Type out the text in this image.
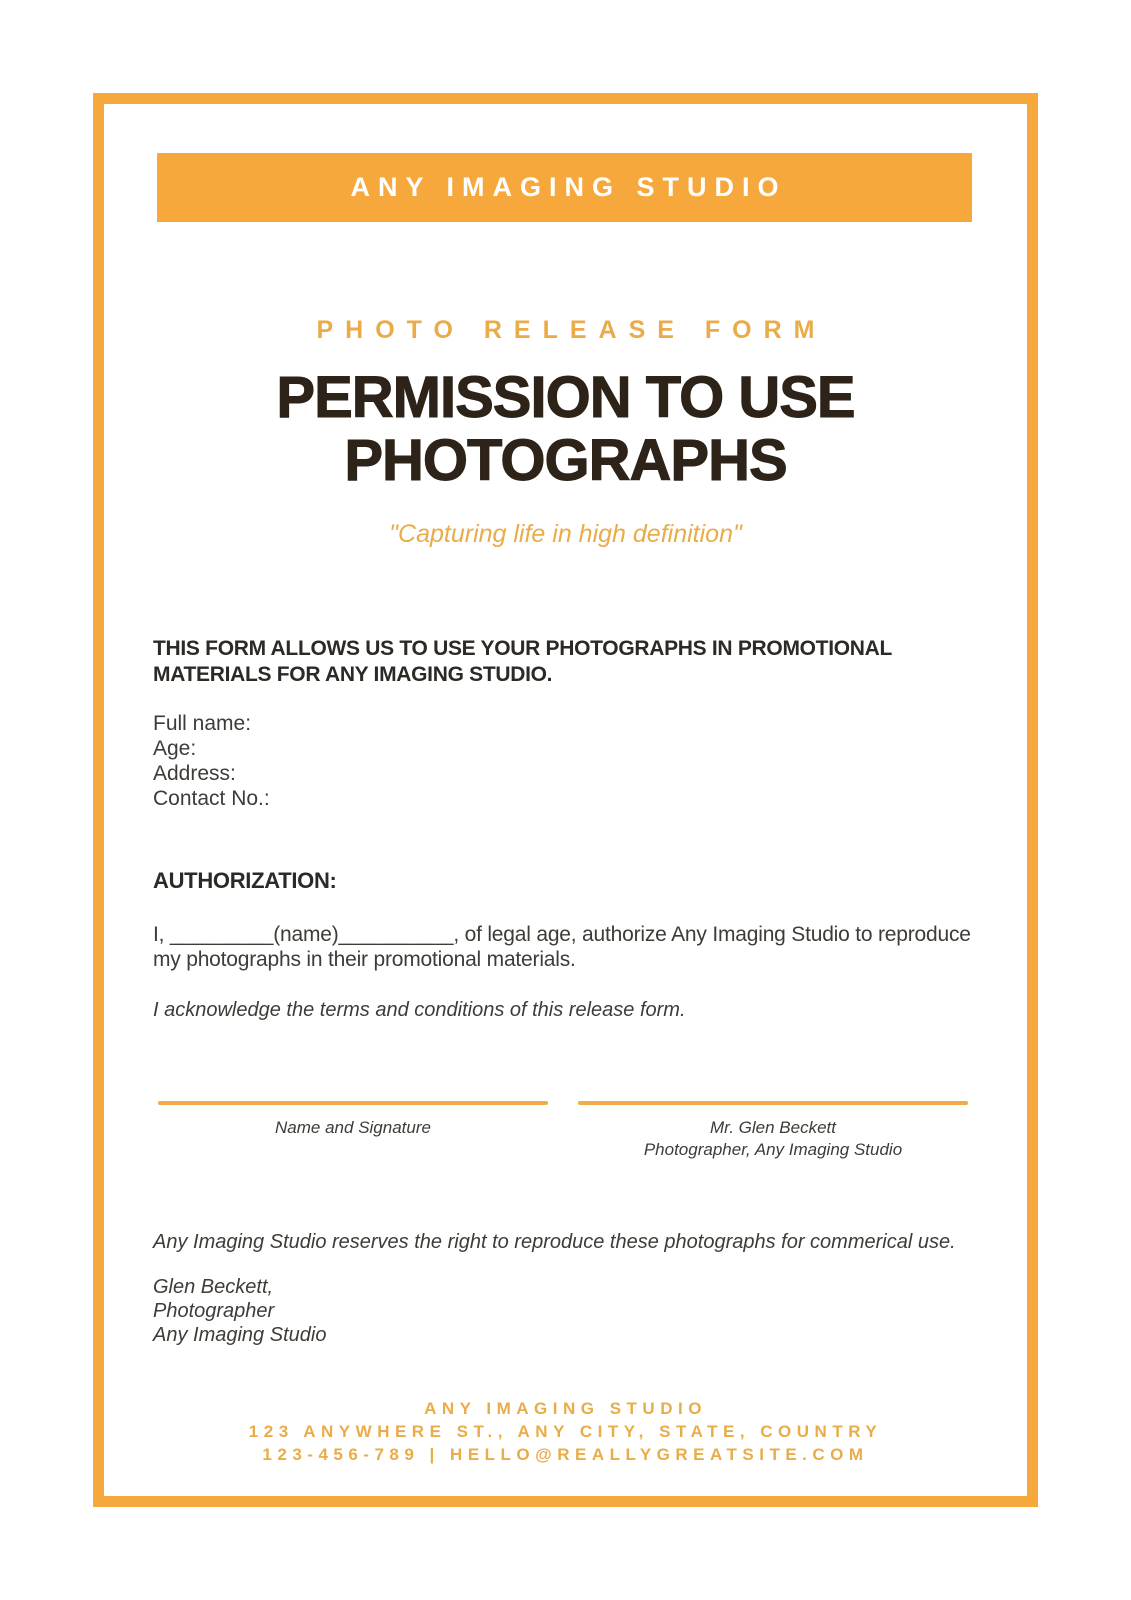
ANY IMAGING STUDIO
PHOTO RELEASE FORM
PERMISSION TO USE
PHOTOGRAPHS
"Capturing life in high definition"
THIS FORM ALLOWS US TO USE YOUR PHOTOGRAPHS IN PROMOTIONAL MATERIALS FOR ANY IMAGING STUDIO.
Full name:
Age:
Address:
Contact No.:
AUTHORIZATION:
I, _________(name)__________, of legal age, authorize Any Imaging Studio to reproduce my photographs in their promotional materials.
I acknowledge the terms and conditions of this release form.
Name and Signature	Mr. Glen Beckett
Photographer, Any Imaging Studio
Any Imaging Studio reserves the right to reproduce these photographs for commerical use.
Glen Beckett,
Photographer
Any Imaging Studio
ANY IMAGING STUDIO
123 ANYWHERE ST., ANY CITY, STATE, COUNTRY
123-456-789 | HELLO@REALLYGREATSITE.COM
